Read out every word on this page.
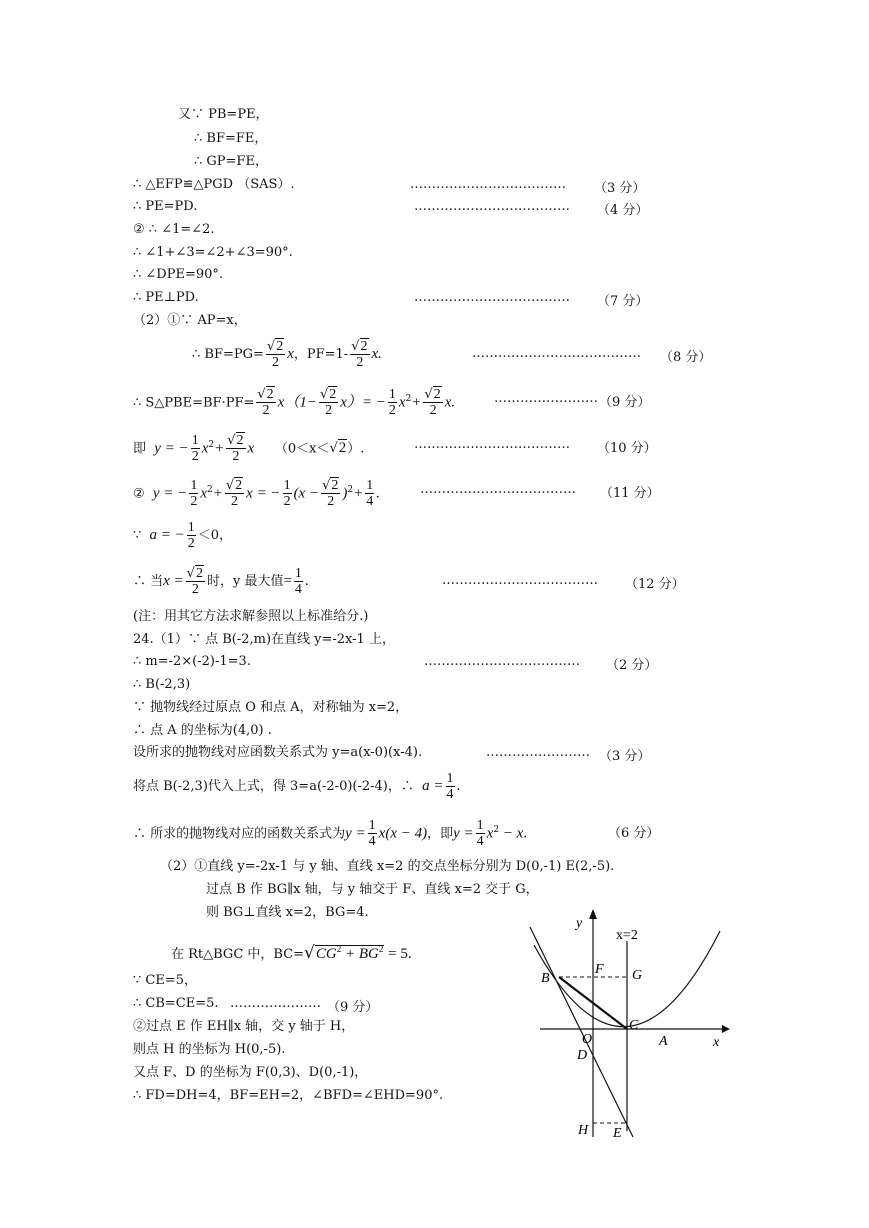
又∵ PB=PE，
∴ BF=FE，
∴ GP=FE，
∴ △EFP≌△PGD （SAS）.	……………………………… （3 分）
∴ PE=PD.	……………………………… （4 分）
② ∴ ∠1=∠2.
∴ ∠1+∠3=∠2+∠3=90°.
∴ ∠DPE=90°.
∴ PE⊥PD.	……………………………… （7 分）
（2）①∵ AP=x，
∴ $BF=PG= \frac{√2}{2}$ x，$PF=1- \frac{√2}{2} x$.	………………………………… （8 分）
∴ S△PBE=BF·PF= $\frac{√2}{2} x(1- \frac{√2}{2} x)= - \frac{1}{2} x^2+ \frac{√2}{2} x$.	…………………… （9 分）
即 y = − $\frac{1}{2} x^2+ \frac{√2}{2}$ x （0＜x＜√2）.	……………………………… （10 分）
② y = − $\frac{1}{2} x^2+ \frac{√2}{2}$ x = − $\frac{1}{2} (x - \frac{√2}{2} )^2+ \frac{1}{4}$ .	……………………………… （11 分）
∵ a = − $\frac{1}{2} <0$，
∴ 当$x = \frac{√2}{2}$ 时，y 最大值= $\frac{1}{4}$ .	……………………………… （12 分）
(注：用其它方法求解参照以上标准给分.)
24.（1）∵ 点 B(-2,m)在直线 y=-2x-1 上，
∴ m=-2×(-2)-1=3.	……………………………… （2 分）
∴ B(-2,3)
∵ 抛物线经过原点 O 和点 A，对称轴为 x=2，
∴ 点 A 的坐标为(4,0) .
设所求的抛物线对应函数关系式为 y=a(x-0)(x-4).	…………………… （3 分）
将点 B(-2,3)代入上式，得 3=a(-2-0)(-2-4)，∴ $a = \frac{1}{4}$ .
∴ 所求的抛物线对应的函数关系式为$y = \frac{1}{4} x(x - 4)$，即$y = \frac{1}{4} x^2 - x$.	（6 分）
（2）①直线 y=-2x-1 与 y 轴、直线 x=2 的交点坐标分别为 D(0,-1) E(2,-5).
过点 B 作 BG∥x 轴，与 y 轴交于 F、直线 x=2 交于 G，
则 BG⊥直线 x=2，BG=4.
在 Rt△BGC 中，$BC=√CG^2 + BG^2 = 5$.
∵ CE=5，
∴ CB=CE=5. ………………… （9 分）
②过点 E 作 EH∥x 轴，交 y 轴于 H，
则点 H 的坐标为 H(0,-5).
又点 F、D 的坐标为 F(0,3)、D(0,-1)，
∴ FD=DH=4，BF=EH=2，∠BFD=∠EHD=90°.
y
x=2
B
F G
C
O
D
A	x
H E
